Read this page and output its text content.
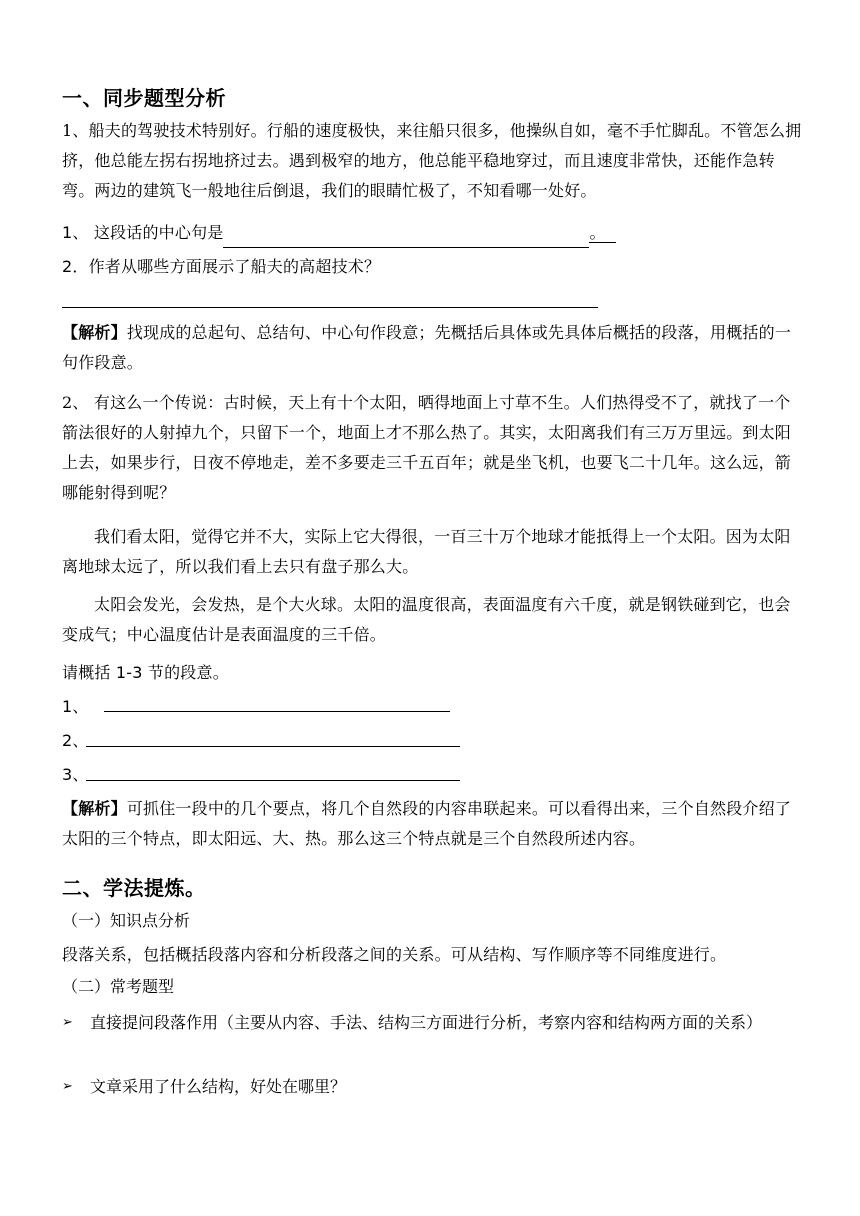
一、同步题型分析
1、船夫的驾驶技术特别好。行船的速度极快，来往船只很多，他操纵自如，毫不手忙脚乱。不管怎么拥挤，他总能左拐右拐地挤过去。遇到极窄的地方，他总能平稳地穿过，而且速度非常快，还能作急转弯。两边的建筑飞一般地往后倒退，我们的眼睛忙极了，不知看哪一处好。
1、 这段话的中心句是	。
2．作者从哪些方面展示了船夫的高超技术？
【解析】找现成的总起句、总结句、中心句作段意；先概括后具体或先具体后概括的段落，用概括的一句作段意。
2、 有这么一个传说：古时候，天上有十个太阳，晒得地面上寸草不生。人们热得受不了，就找了一个箭法很好的人射掉九个，只留下一个，地面上才不那么热了。其实，太阳离我们有三万万里远。到太阳上去，如果步行，日夜不停地走，差不多要走三千五百年；就是坐飞机，也要飞二十几年。这么远，箭哪能射得到呢？
我们看太阳，觉得它并不大，实际上它大得很，一百三十万个地球才能抵得上一个太阳。因为太阳离地球太远了，所以我们看上去只有盘子那么大。
太阳会发光，会发热，是个大火球。太阳的温度很高，表面温度有六千度，就是钢铁碰到它，也会变成气；中心温度估计是表面温度的三千倍。
请概括 1-3 节的段意。
1、
2、
3、
【解析】可抓住一段中的几个要点，将几个自然段的内容串联起来。可以看得出来，三个自然段介绍了太阳的三个特点，即太阳远、大、热。那么这三个特点就是三个自然段所述内容。
二、学法提炼。
（一）知识点分析
段落关系，包括概括段落内容和分析段落之间的关系。可从结构、写作顺序等不同维度进行。
（二）常考题型
➢ 直接提问段落作用（主要从内容、手法、结构三方面进行分析，考察内容和结构两方面的关系）
➢ 文章采用了什么结构，好处在哪里？
